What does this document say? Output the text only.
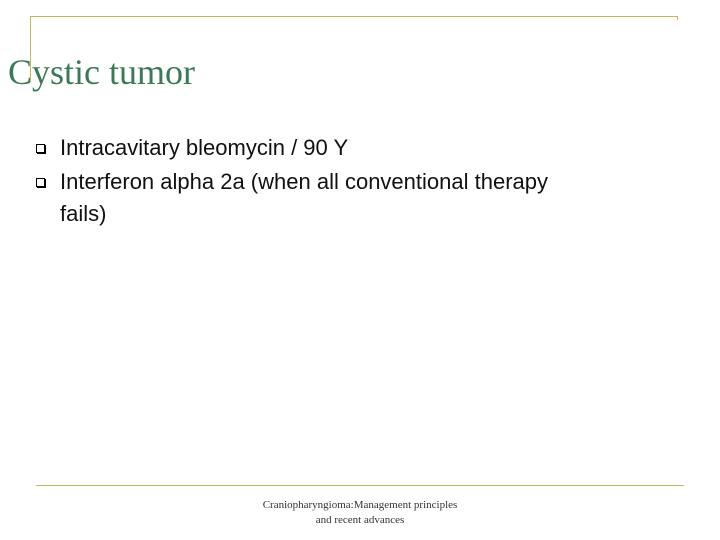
Cystic tumor
Intracavitary bleomycin / 90 Y
Interferon alpha 2a (when all conventional therapy fails)
Craniopharyngioma:Management principles
and recent advances
